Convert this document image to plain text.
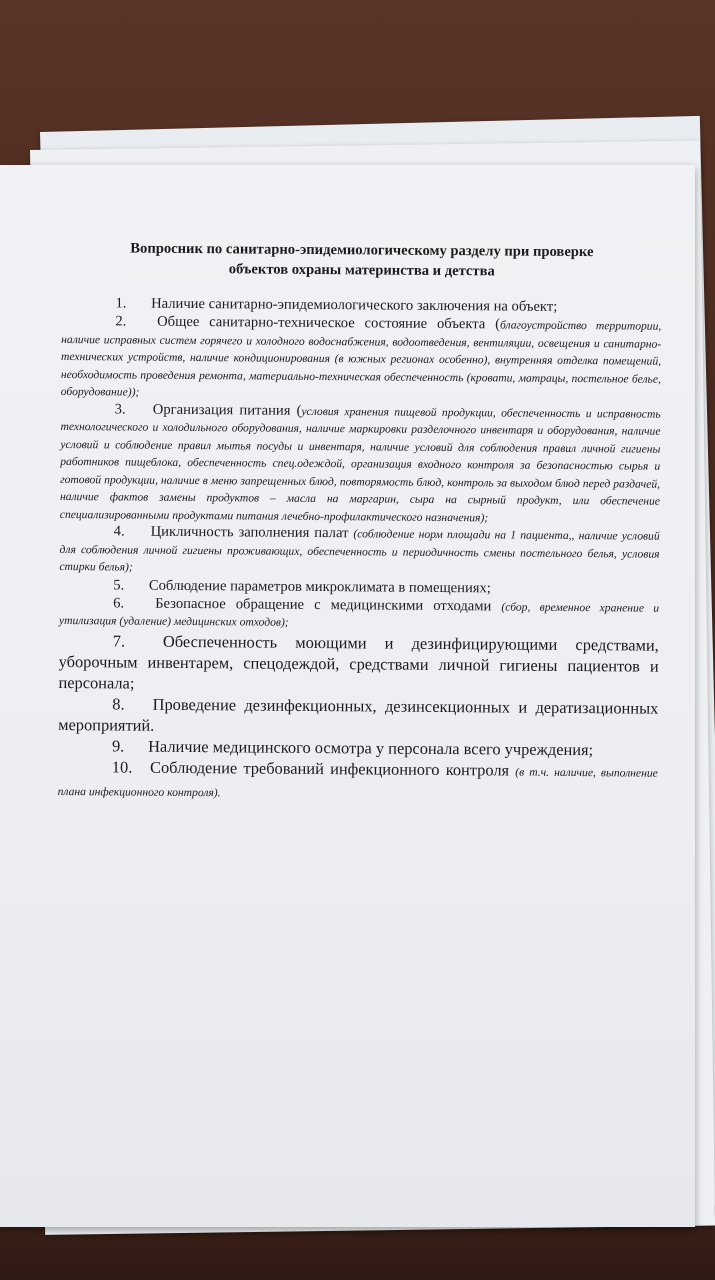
Вопросник по санитарно-эпидемиологическому разделу при проверке
объектов охраны материнства и детства

1. Наличие санитарно-эпидемиологического заключения на объект;

2. Общее санитарно-техническое состояние объекта (благоустройство территории, наличие исправных систем горячего и холодного водоснабжения, водоотведения, вентиляции, освещения и санитарно-технических устройств, наличие кондиционирования (в южных регионах особенно), внутренняя отделка помещений, необходимость проведения ремонта, материально-техническая обеспеченность (кровати, матрацы, постельное белье, оборудование));

3. Организация питания (условия хранения пищевой продукции, обеспеченность и исправность технологического и холодильного оборудования, наличие маркировки разделочного инвентаря и оборудования, наличие условий и соблюдение правил мытья посуды и инвентаря, наличие условий для соблюдения правил личной гигиены работников пищеблока, обеспеченность спец.одеждой, организация входного контроля за безопасностью сырья и готовой продукции, наличие в меню запрещенных блюд, повторямость блюд, контроль за выходом блюд перед раздачей, наличие фактов замены продуктов – масла на маргарин, сыра на сырный продукт, или обеспечение специализированными продуктами питания лечебно-профилактического назначения);

4. Цикличность заполнения палат (соблюдение норм площади на 1 пациента,, наличие условий для соблюдения личной гигиены проживающих, обеспеченность и периодичность смены постельного белья, условия стирки белья);

5. Соблюдение параметров микроклимата в помещениях;

6. Безопасное обращение с медицинскими отходами (сбор, временное хранение и утилизация (удаление) медицинских отходов);

7. Обеспеченность моющими и дезинфицирующими средствами, уборочным инвентарем, спецодеждой, средствами личной гигиены пациентов и персонала;

8. Проведение дезинфекционных, дезинсекционных и дератизационных мероприятий.

9. Наличие медицинского осмотра у персонала всего учреждения;

10. Соблюдение требований инфекционного контроля (в т.ч. наличие, выполнение плана инфекционного контроля).
